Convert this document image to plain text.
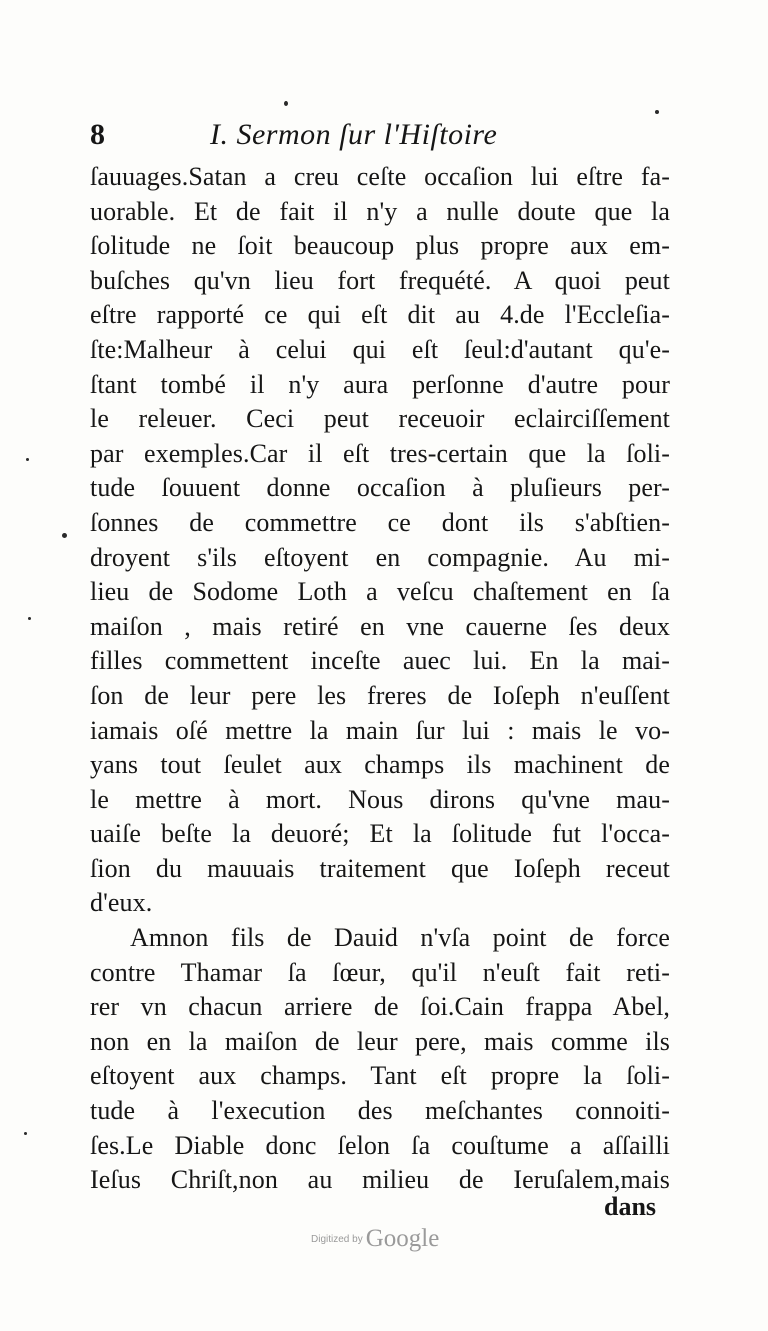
8	I. Sermon ſur l'Hiſtoire
ſauuages.Satan a creu ceſte occaſion lui eſtre fa-
uorable. Et de fait il n'y a nulle doute que la
ſolitude ne ſoit beaucoup plus propre aux em-
buſches qu'vn lieu fort frequété. A quoi peut
eſtre rapporté ce qui eſt dit au 4.de l'Eccleſia-
ſte:Malheur à celui qui eſt ſeul:d'autant qu'e-
ſtant tombé il n'y aura perſonne d'autre pour
le releuer. Ceci peut receuoir eclairciſſement
par exemples.Car il eſt tres-certain que la ſoli-
tude ſouuent donne occaſion à pluſieurs per-
ſonnes de commettre ce dont ils s'abſtien-
droyent s'ils eſtoyent en compagnie. Au mi-
lieu de Sodome Loth a veſcu chaſtement en ſa
maiſon , mais retiré en vne cauerne ſes deux
filles commettent inceſte auec lui. En la mai-
ſon de leur pere les freres de Ioſeph n'euſſent
iamais oſé mettre la main ſur lui : mais le vo-
yans tout ſeulet aux champs ils machinent de
le mettre à mort. Nous dirons qu'vne mau-
uaiſe beſte la deuoré; Et la ſolitude fut l'occa-
ſion du mauuais traitement que Ioſeph receut
d'eux.
Amnon fils de Dauid n'vſa point de force
contre Thamar ſa ſœur, qu'il n'euſt fait reti-
rer vn chacun arriere de ſoi.Cain frappa Abel,
non en la maiſon de leur pere, mais comme ils
eſtoyent aux champs. Tant eſt propre la ſoli-
tude à l'execution des meſchantes connoiti-
ſes.Le Diable donc ſelon ſa couſtume a aſſailli
Ieſus Chriſt,non au milieu de Ieruſalem,mais
dans
Digitized by Google
